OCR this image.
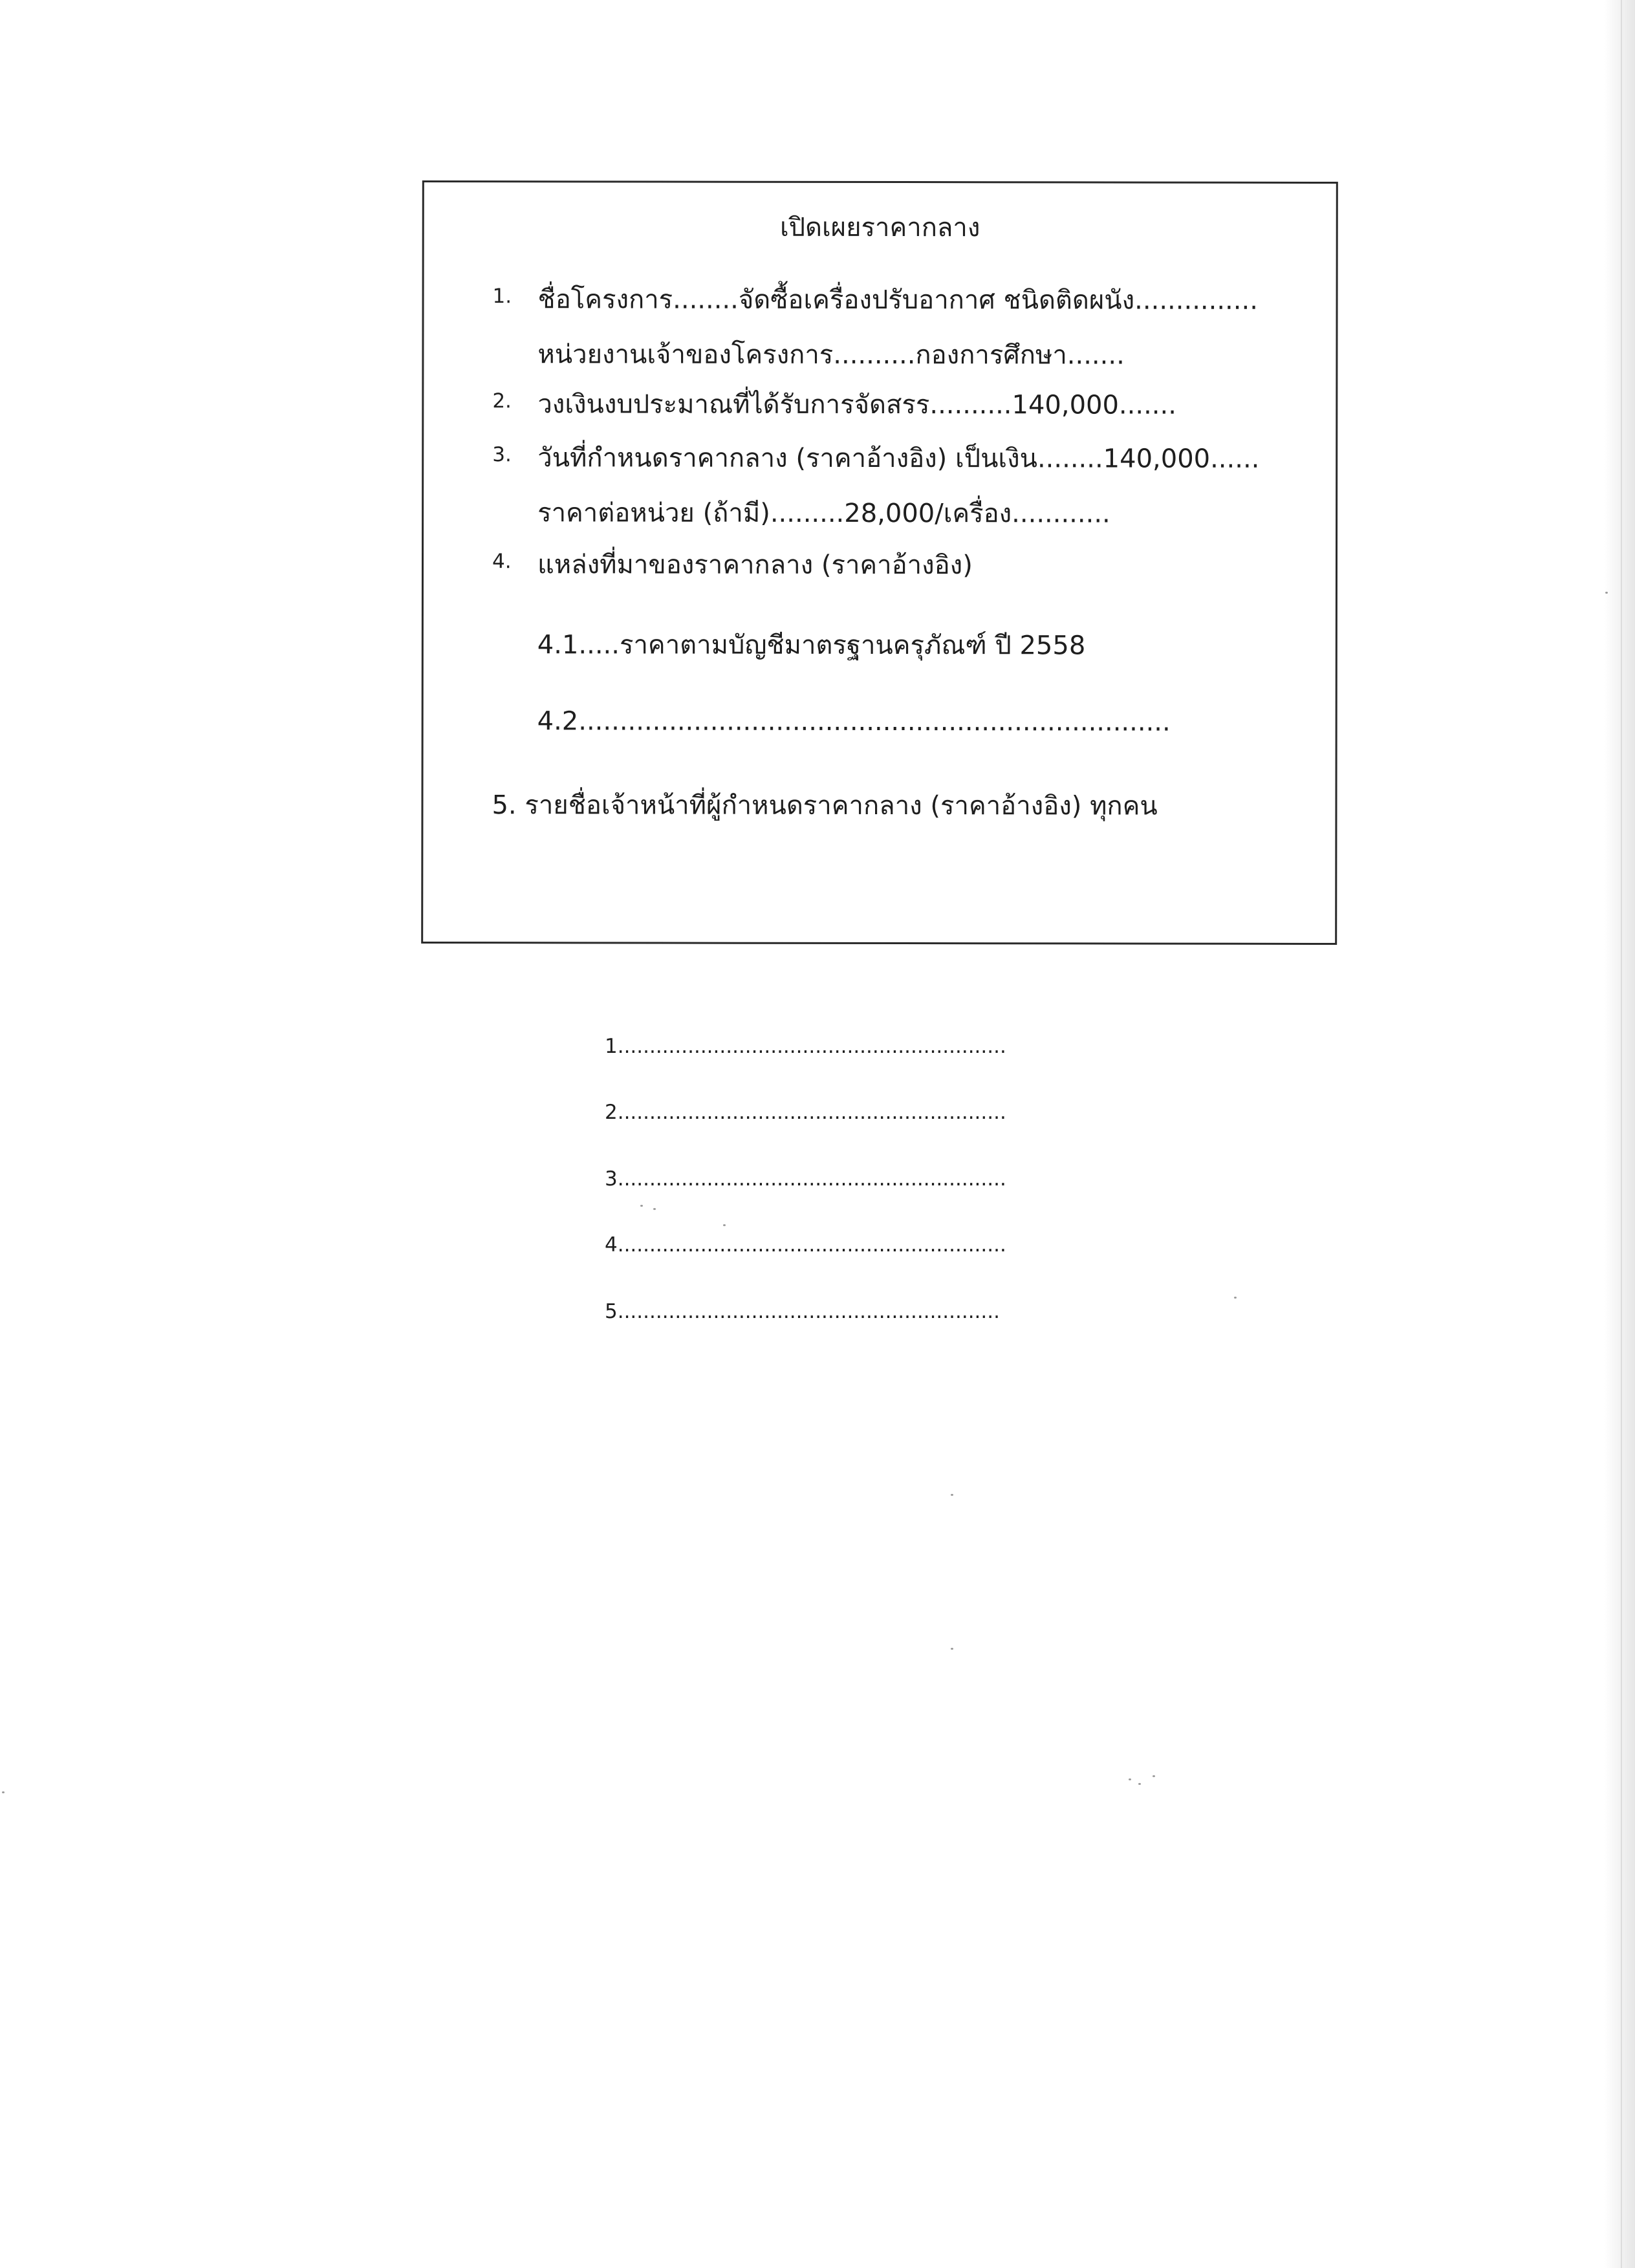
เปิดเผยราคากลาง
1. ชื่อโครงการ........จัดซื้อเครื่องปรับอากาศ ชนิดติดผนัง...............
หน่วยงานเจ้าของโครงการ..........กองการศึกษา.......
2. วงเงินงบประมาณที่ได้รับการจัดสรร..........140,000.......
3. วันที่กำหนดราคากลาง (ราคาอ้างอิง) เป็นเงิน........140,000......
ราคาต่อหน่วย (ถ้ามี).........28,000/เครื่อง............
4. แหล่งที่มาของราคากลาง (ราคาอ้างอิง)
4.1.....ราคาตามบัญชีมาตรฐานครุภัณฑ์ ปี 2558
4.2........................................................................
5. รายชื่อเจ้าหน้าที่ผู้กำหนดราคากลาง (ราคาอ้างอิง) ทุกคน
1.............................................................
2.............................................................
3.............................................................
4.............................................................
5............................................................
